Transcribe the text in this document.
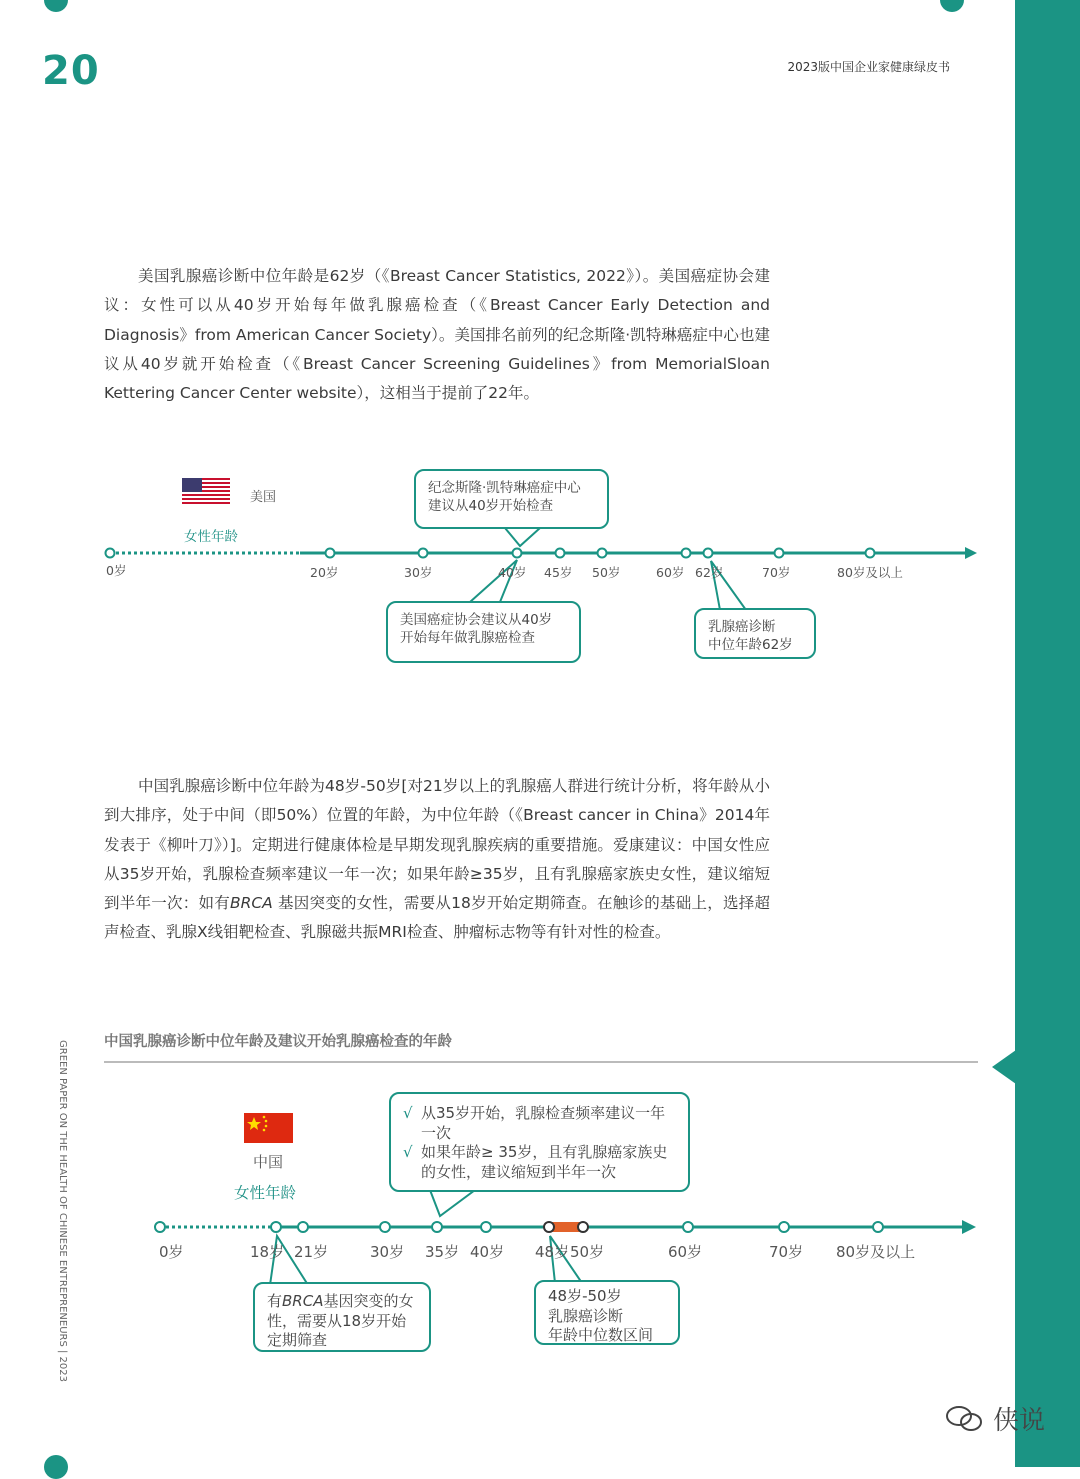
20	2023版中国企业家健康绿皮书
美国乳腺癌诊断中位年龄是62岁（《Breast Cancer Statistics, 2022》）。美国癌症协会建议：女性可以从40岁开始每年做乳腺癌检查（《Breast Cancer Early Detection and Diagnosis》from American Cancer Society）。美国排名前列的纪念斯隆·凯特琳癌症中心也建议从40岁就开始检查（《Breast Cancer Screening Guidelines》from MemorialSloan Kettering Cancer Center website），这相当于提前了22年。
美国
女性年龄
0岁	20岁	30岁	40岁 45岁 50岁	60岁 62岁	70岁	80岁及以上
纪念斯隆·凯特琳癌症中心
建议从40岁开始检查
美国癌症协会建议从40岁
开始每年做乳腺癌检查
乳腺癌诊断
中位年龄62岁
中国乳腺癌诊断中位年龄为48岁-50岁[对21岁以上的乳腺癌人群进行统计分析，将年龄从小到大排序，处于中间（即50%）位置的年龄，为中位年龄（《Breast cancer in China》2014年发表于《柳叶刀》）]。定期进行健康体检是早期发现乳腺疾病的重要措施。爱康建议：中国女性应从35岁开始，乳腺检查频率建议一年一次；如果年龄≥35岁，且有乳腺癌家族史女性，建议缩短到半年一次：如有BRCA 基因突变的女性，需要从18岁开始定期筛查。在触诊的基础上，选择超声检查、乳腺X线钼靶检查、乳腺磁共振MRI检查、肿瘤标志物等有针对性的检查。
中国乳腺癌诊断中位年龄及建议开始乳腺癌检查的年龄
中国
女性年龄
0岁	18岁 21岁	30岁 35岁 40岁 48岁 50岁	60岁	70岁 80岁及以上
√ 从35岁开始，乳腺检查频率建议一年一次
√ 如果年龄≥ 35岁，且有乳腺癌家族史的女性，建议缩短到半年一次
有BRCA基因突变的女性，需要从18岁开始定期筛查
48岁-50岁
乳腺癌诊断
年龄中位数区间
GREEN PAPER ON THE HEALTH OF CHINESE ENTREPRENEURS | 2023
侠说
